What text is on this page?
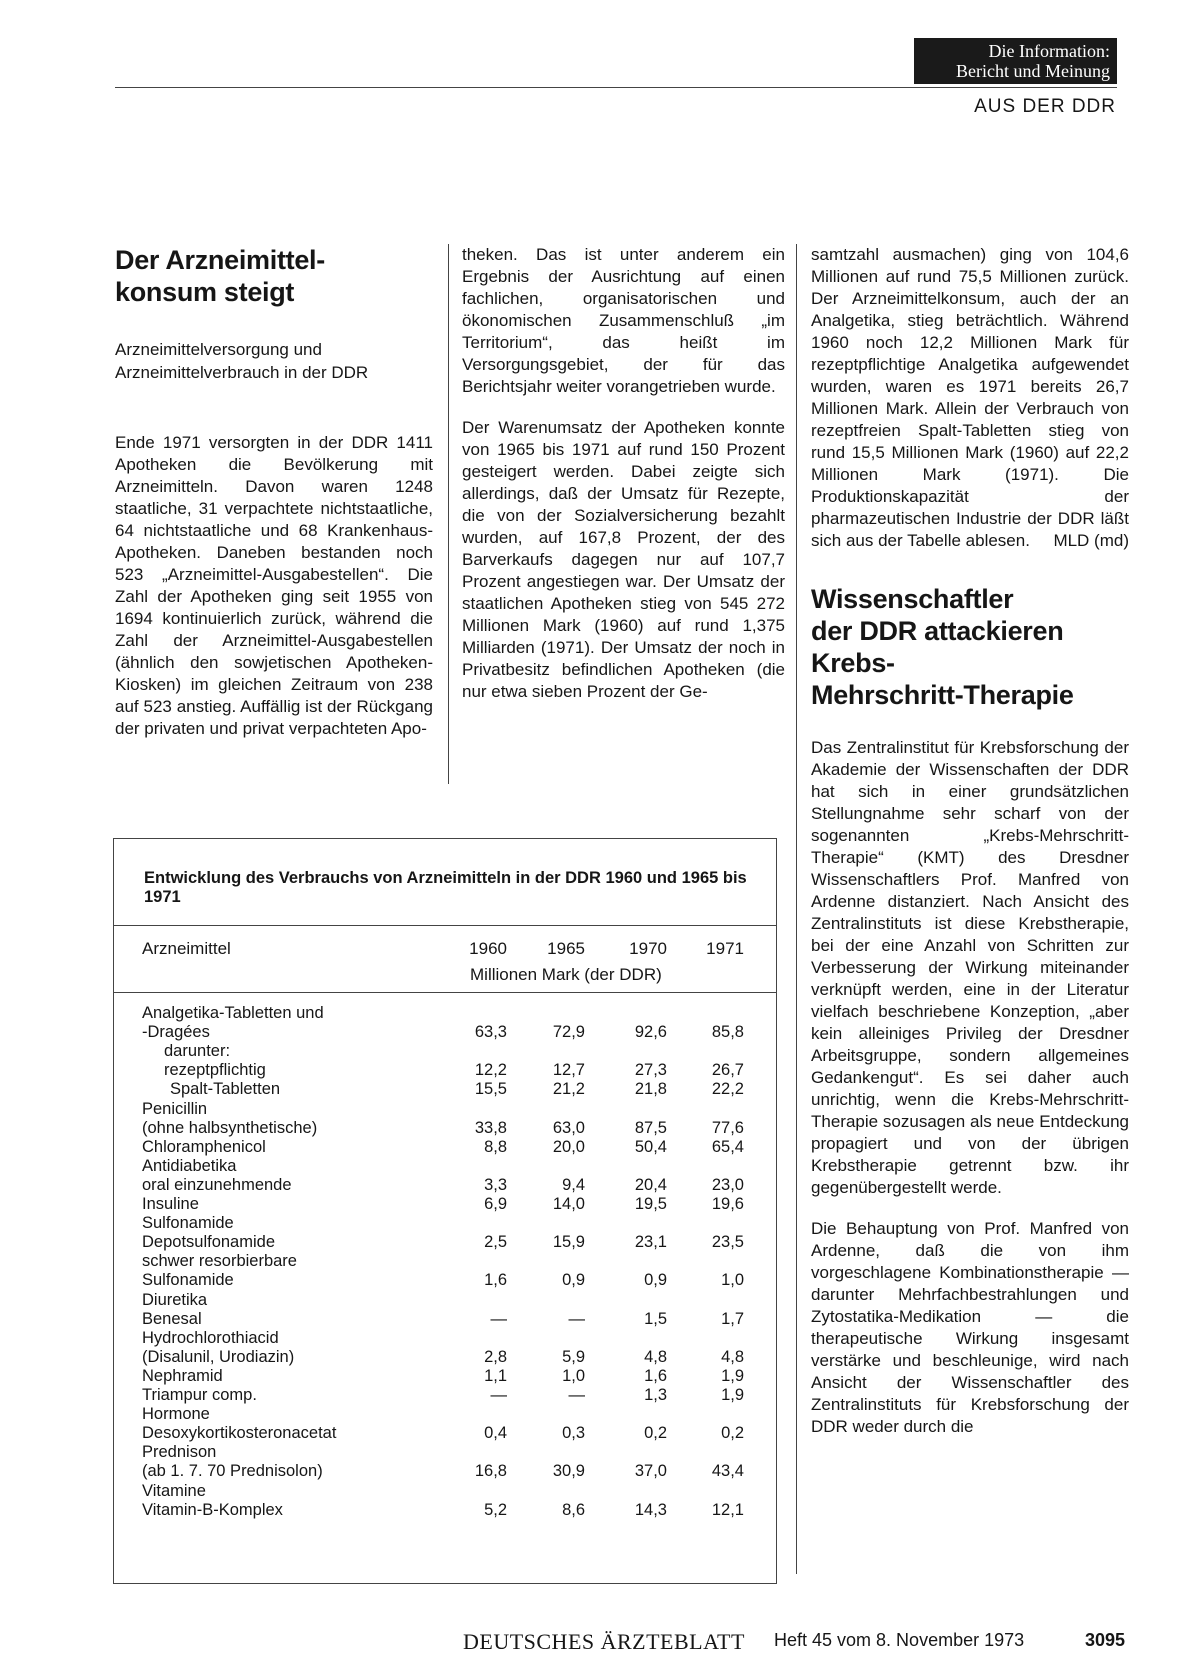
Die Information:
Bericht und Meinung
AUS DER DDR
Der Arzneimittel-
konsum steigt

Arzneimittelversorgung und
Arzneimittelverbrauch in der DDR

Ende 1971 versorgten in der DDR 1411 Apotheken die Bevölkerung mit Arzneimitteln. Davon waren 1248 staatliche, 31 verpachtete nichtstaatliche, 64 nichtstaatliche und 68 Krankenhaus-Apotheken. Daneben bestanden noch 523 „Arzneimittel-Ausgabestellen“. Die Zahl der Apotheken ging seit 1955 von 1694 kontinuierlich zurück, während die Zahl der Arzneimittel-Ausgabestellen (ähnlich den sowjetischen Apotheken-Kiosken) im gleichen Zeitraum von 238 auf 523 anstieg. Auffällig ist der Rückgang der privaten und privat verpachteten Apo-

theken. Das ist unter anderem ein Ergebnis der Ausrichtung auf einen fachlichen, organisatorischen und ökonomischen Zusammenschluß „im Territorium“, das heißt im Versorgungsgebiet, der für das Berichtsjahr weiter vorangetrieben wurde.

Der Warenumsatz der Apotheken konnte von 1965 bis 1971 auf rund 150 Prozent gesteigert werden. Dabei zeigte sich allerdings, daß der Umsatz für Rezepte, die von der Sozialversicherung bezahlt wurden, auf 167,8 Prozent, der des Barverkaufs dagegen nur auf 107,7 Prozent angestiegen war. Der Umsatz der staatlichen Apotheken stieg von 545 272 Millionen Mark (1960) auf rund 1,375 Milliarden (1971). Der Umsatz der noch in Privatbesitz befindlichen Apotheken (die nur etwa sieben Prozent der Ge-

samtzahl ausmachen) ging von 104,6 Millionen auf rund 75,5 Millionen zurück. Der Arzneimittelkonsum, auch der an Analgetika, stieg beträchtlich. Während 1960 noch 12,2 Millionen Mark für rezeptpflichtige Analgetika aufgewendet wurden, waren es 1971 bereits 26,7 Millionen Mark. Allein der Verbrauch von rezeptfreien Spalt-Tabletten stieg von rund 15,5 Millionen Mark (1960) auf 22,2 Millionen Mark (1971). Die Produktionskapazität der pharmazeutischen Industrie der DDR läßt sich aus der Tabelle ablesen. MLD (md)

Wissenschaftler
der DDR attackieren
Krebs-
Mehrschritt-Therapie

Das Zentralinstitut für Krebsforschung der Akademie der Wissenschaften der DDR hat sich in einer grundsätzlichen Stellungnahme sehr scharf von der sogenannten „Krebs-Mehrschritt-Therapie“ (KMT) des Dresdner Wissenschaftlers Prof. Manfred von Ardenne distanziert. Nach Ansicht des Zentralinstituts ist diese Krebstherapie, bei der eine Anzahl von Schritten zur Verbesserung der Wirkung miteinander verknüpft werden, eine in der Literatur vielfach beschriebene Konzeption, „aber kein alleiniges Privileg der Dresdner Arbeitsgruppe, sondern allgemeines Gedankengut“. Es sei daher auch unrichtig, wenn die Krebs-Mehrschritt-Therapie sozusagen als neue Entdeckung propagiert und von der übrigen Krebstherapie getrennt bzw. ihr gegenübergestellt werde.

Die Behauptung von Prof. Manfred von Ardenne, daß die von ihm vorgeschlagene Kombinationstherapie — darunter Mehrfachbestrahlungen und Zytostatika-Medikation — die therapeutische Wirkung insgesamt verstärke und beschleunige, wird nach Ansicht der Wissenschaftler des Zentralinstituts für Krebsforschung der DDR weder durch die

Entwicklung des Verbrauchs von Arzneimitteln in der DDR 1960 und 1965 bis 1971
Arzneimittel	1960	1965	1970	1971
Millionen Mark (der DDR)
Analgetika-Tabletten und
-Dragées	63,3	72,9	92,6	85,8
darunter:
rezeptpflichtig	12,2	12,7	27,3	26,7
Spalt-Tabletten	15,5	21,2	21,8	22,2
Penicillin
(ohne halbsynthetische)	33,8	63,0	87,5	77,6
Chloramphenicol	8,8	20,0	50,4	65,4
Antidiabetika
oral einzunehmende	3,3	9,4	20,4	23,0
Insuline	6,9	14,0	19,5	19,6
Sulfonamide
Depotsulfonamide	2,5	15,9	23,1	23,5
schwer resorbierbare
Sulfonamide	1,6	0,9	0,9	1,0
Diuretika
Benesal	—	—	1,5	1,7
Hydrochlorothiacid
(Disalunil, Urodiazin)	2,8	5,9	4,8	4,8
Nephramid	1,1	1,0	1,6	1,9
Triampur comp.	—	—	1,3	1,9
Hormone
Desoxykortikosteronacetat	0,4	0,3	0,2	0,2
Prednison
(ab 1. 7. 70 Prednisolon)	16,8	30,9	37,0	43,4
Vitamine
Vitamin-B-Komplex	5,2	8,6	14,3	12,1
DEUTSCHES ÄRZTEBLATT Heft 45 vom 8. November 1973	3095
